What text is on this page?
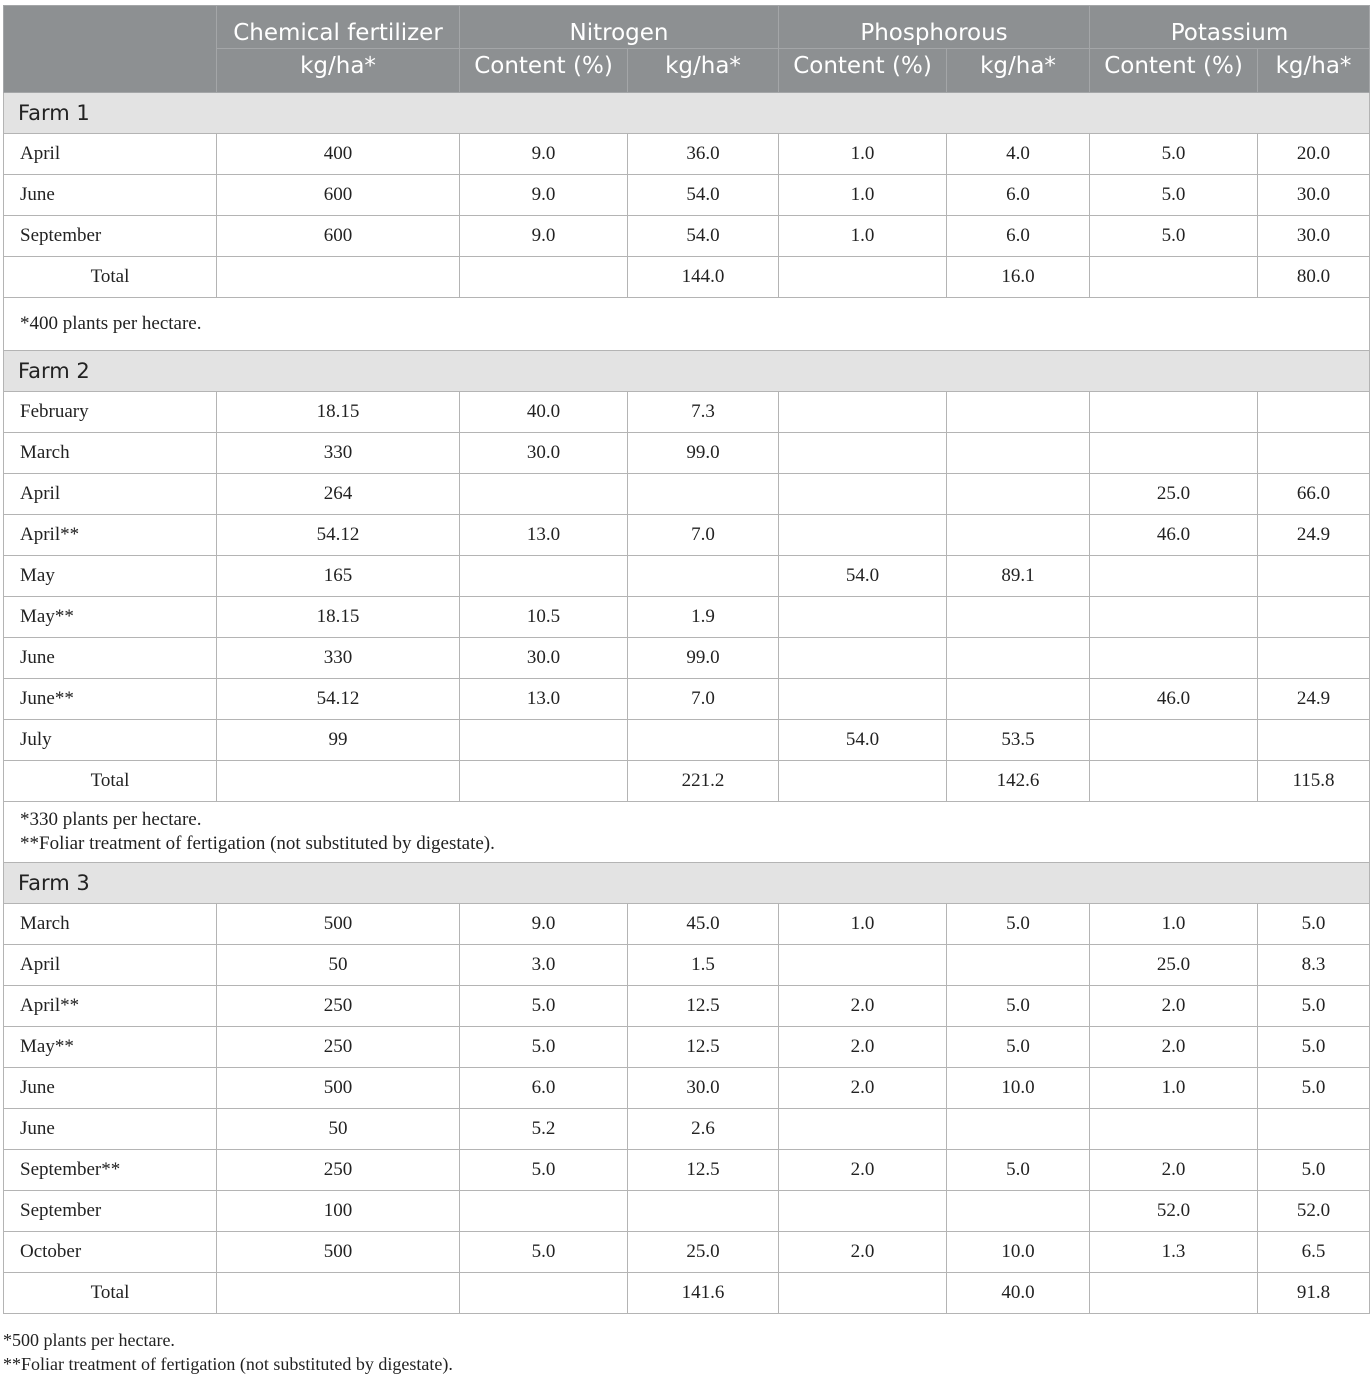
	Chemical fertilizer	Nitrogen		Phosphorous		Potassium	
	kg/ha*	Content (%)	kg/ha*	Content (%)	kg/ha*	Content (%)	kg/ha*
Farm 1							
April	400	9.0	36.0	1.0	4.0	5.0	20.0
June	600	9.0	54.0	1.0	6.0	5.0	30.0
September	600	9.0	54.0	1.0	6.0	5.0	30.0
Total			144.0		16.0		80.0

*400 plants per hectare.							

Farm 2							
February	18.15	40.0	7.3				
March	330	30.0	99.0				
April	264					25.0	66.0
April**	54.12	13.0	7.0			46.0	24.9
May	165			54.0	89.1		
May**	18.15	10.5	1.9				
June	330	30.0	99.0				
June**	54.12	13.0	7.0			46.0	24.9
July	99			54.0	53.5		
Total			221.2		142.6		115.8

*330 plants per hectare.
**Foliar treatment of fertigation (not substituted by digestate).							

Farm 3							
March	500	9.0	45.0	1.0	5.0	1.0	5.0
April	50	3.0	1.5			25.0	8.3
April**	250	5.0	12.5	2.0	5.0	2.0	5.0
May**	250	5.0	12.5	2.0	5.0	2.0	5.0
June	500	6.0	30.0	2.0	10.0	1.0	5.0
June	50	5.2	2.6				
September**	250	5.0	12.5	2.0	5.0	2.0	5.0
September	100					52.0	52.0
October	500	5.0	25.0	2.0	10.0	1.3	6.5
Total			141.6		40.0		91.8
*500 plants per hectare.
**Foliar treatment of fertigation (not substituted by digestate).
